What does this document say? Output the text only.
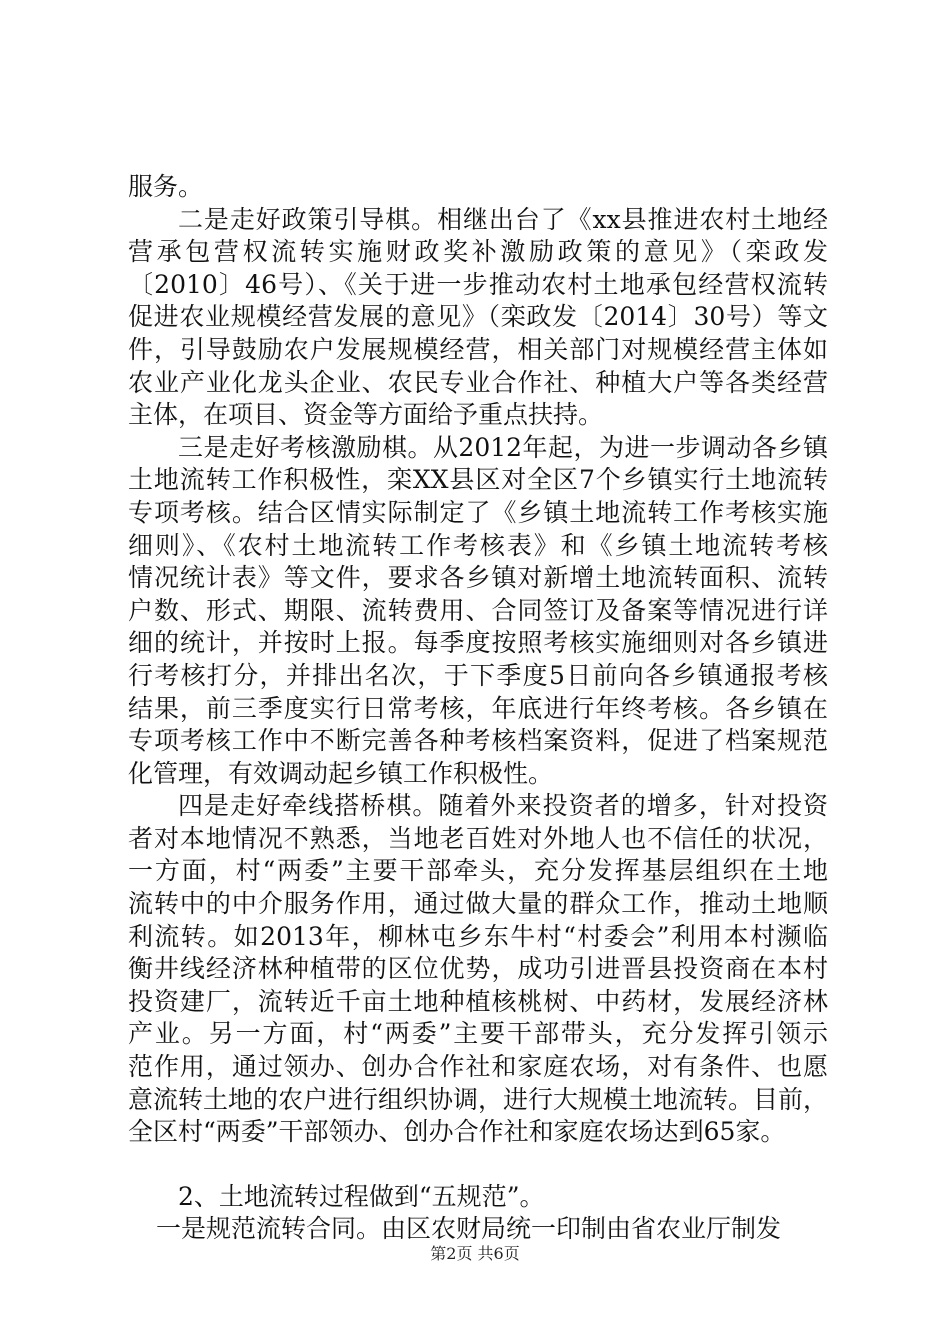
服务。
二是走好政策引导棋。相继出台了《xx县推进农村土地经
营承包营权流转实施财政奖补激励政策的意见》（栾政发
〔2010〕46号）、《关于进一步推动农村土地承包经营权流转
促进农业规模经营发展的意见》（栾政发〔2014〕30号）等文
件，引导鼓励农户发展规模经营，相关部门对规模经营主体如
农业产业化龙头企业、农民专业合作社、种植大户等各类经营
主体，在项目、资金等方面给予重点扶持。
三是走好考核激励棋。从2012年起，为进一步调动各乡镇
土地流转工作积极性，栾XX县区对全区7个乡镇实行土地流转
专项考核。结合区情实际制定了《乡镇土地流转工作考核实施
细则》、《农村土地流转工作考核表》和《乡镇土地流转考核
情况统计表》等文件，要求各乡镇对新增土地流转面积、流转
户数、形式、期限、流转费用、合同签订及备案等情况进行详
细的统计，并按时上报。每季度按照考核实施细则对各乡镇进
行考核打分，并排出名次，于下季度5日前向各乡镇通报考核
结果，前三季度实行日常考核，年底进行年终考核。各乡镇在
专项考核工作中不断完善各种考核档案资料，促进了档案规范
化管理，有效调动起乡镇工作积极性。
四是走好牵线搭桥棋。随着外来投资者的增多，针对投资
者对本地情况不熟悉，当地老百姓对外地人也不信任的状况，
一方面，村“两委”主要干部牵头，充分发挥基层组织在土地
流转中的中介服务作用，通过做大量的群众工作，推动土地顺
利流转。如2013年，柳林屯乡东牛村“村委会”利用本村濒临
衡井线经济林种植带的区位优势，成功引进晋县投资商在本村
投资建厂，流转近千亩土地种植核桃树、中药材，发展经济林
产业。另一方面，村“两委”主要干部带头，充分发挥引领示
范作用，通过领办、创办合作社和家庭农场，对有条件、也愿
意流转土地的农户进行组织协调，进行大规模土地流转。目前，
全区村“两委”干部领办、创办合作社和家庭农场达到65家。
2、土地流转过程做到“五规范”。
一是规范流转合同。由区农财局统一印制由省农业厅制发
第2页 共6页
